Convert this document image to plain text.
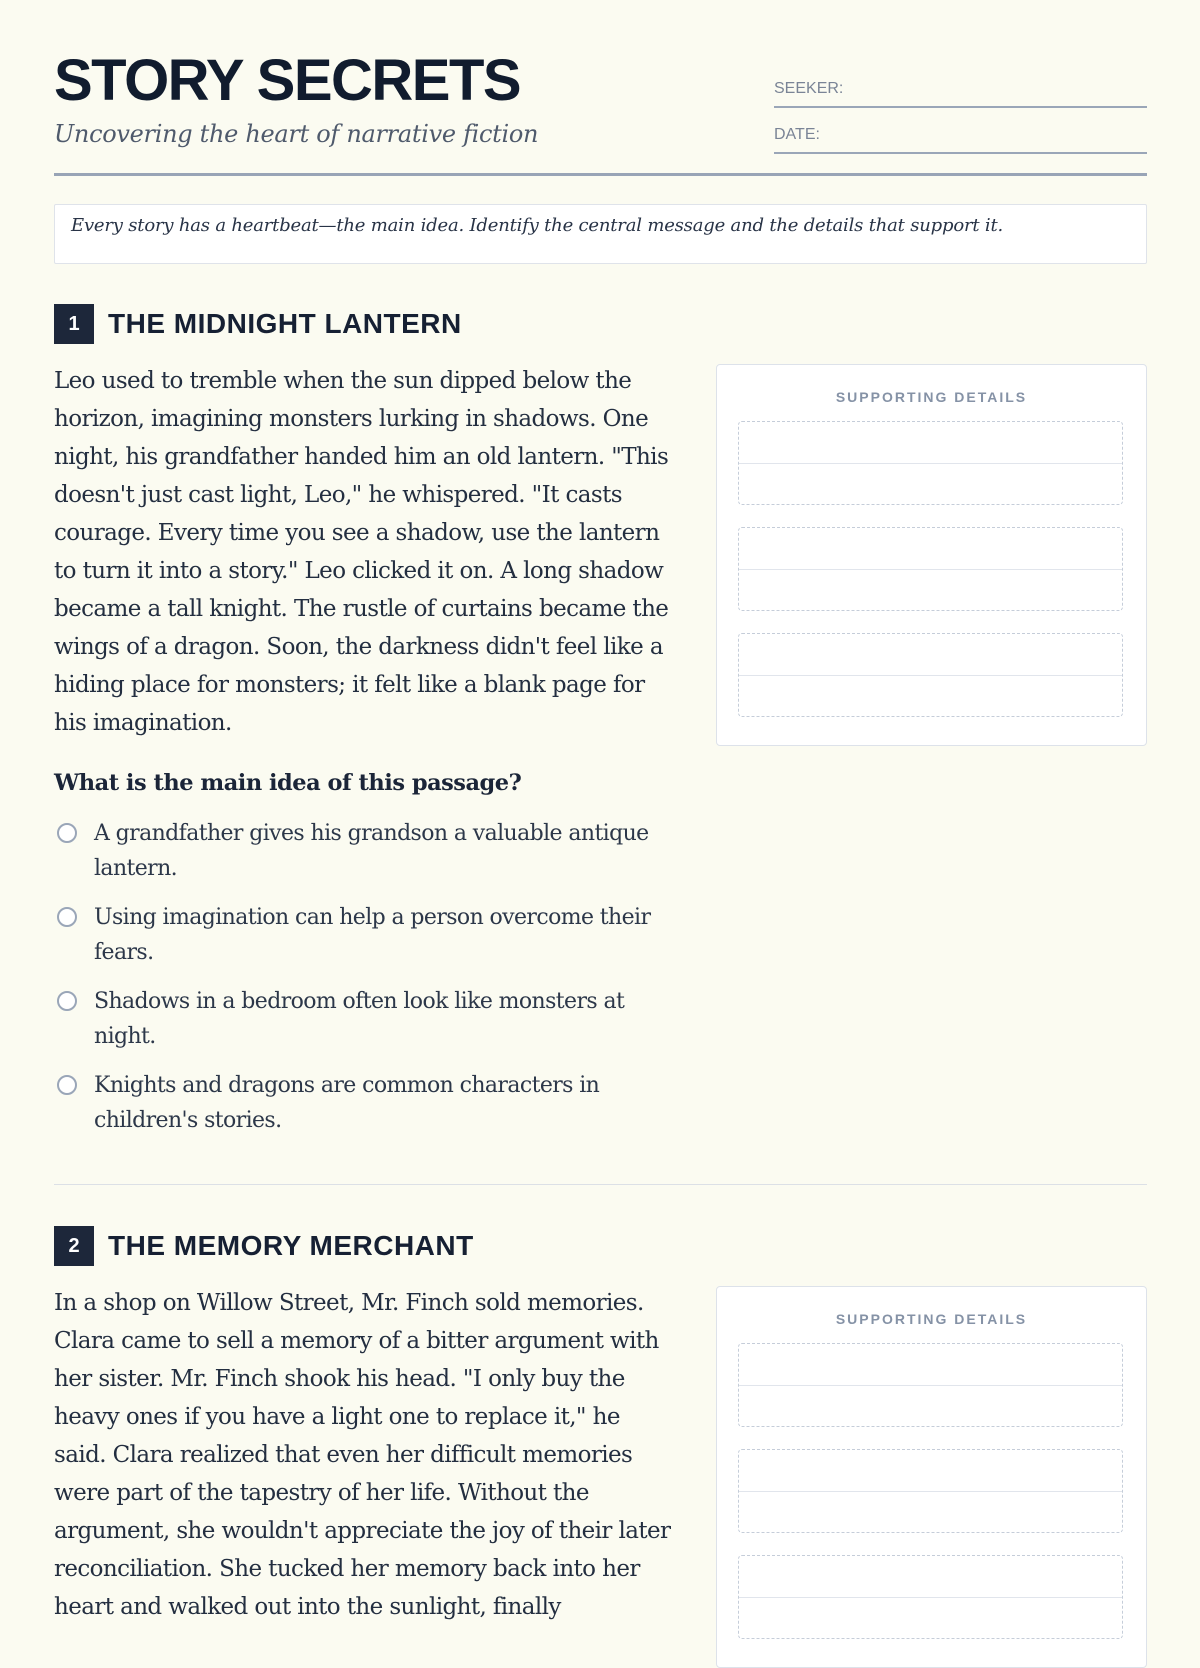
STORY SECRETS

Uncovering the heart of narrative fiction

SEEKER:
DATE:
Every story has a heartbeat—the main idea. Identify the central message and the details that support it.
1	THE MIDNIGHT LANTERN

Leo used to tremble when the sun dipped below the horizon, imagining monsters lurking in shadows. One night, his grandfather handed him an old lantern. "This doesn't just cast light, Leo," he whispered. "It casts courage. Every time you see a shadow, use the lantern to turn it into a story." Leo clicked it on. A long shadow became a tall knight. The rustle of curtains became the wings of a dragon. Soon, the darkness didn't feel like a hiding place for monsters; it felt like a blank page for his imagination.

What is the main idea of this passage?

A grandfather gives his grandson a valuable antique lantern.
Using imagination can help a person overcome their fears.
Shadows in a bedroom often look like monsters at night.
Knights and dragons are common characters in children's stories.
SUPPORTING DETAILS
2	THE MEMORY MERCHANT

In a shop on Willow Street, Mr. Finch sold memories. Clara came to sell a memory of a bitter argument with her sister. Mr. Finch shook his head. "I only buy the heavy ones if you have a light one to replace it," he said. Clara realized that even her difficult memories were part of the tapestry of her life. Without the argument, she wouldn't appreciate the joy of their later reconciliation. She tucked her memory back into her heart and walked out into the sunlight, finally

SUPPORTING DETAILS
